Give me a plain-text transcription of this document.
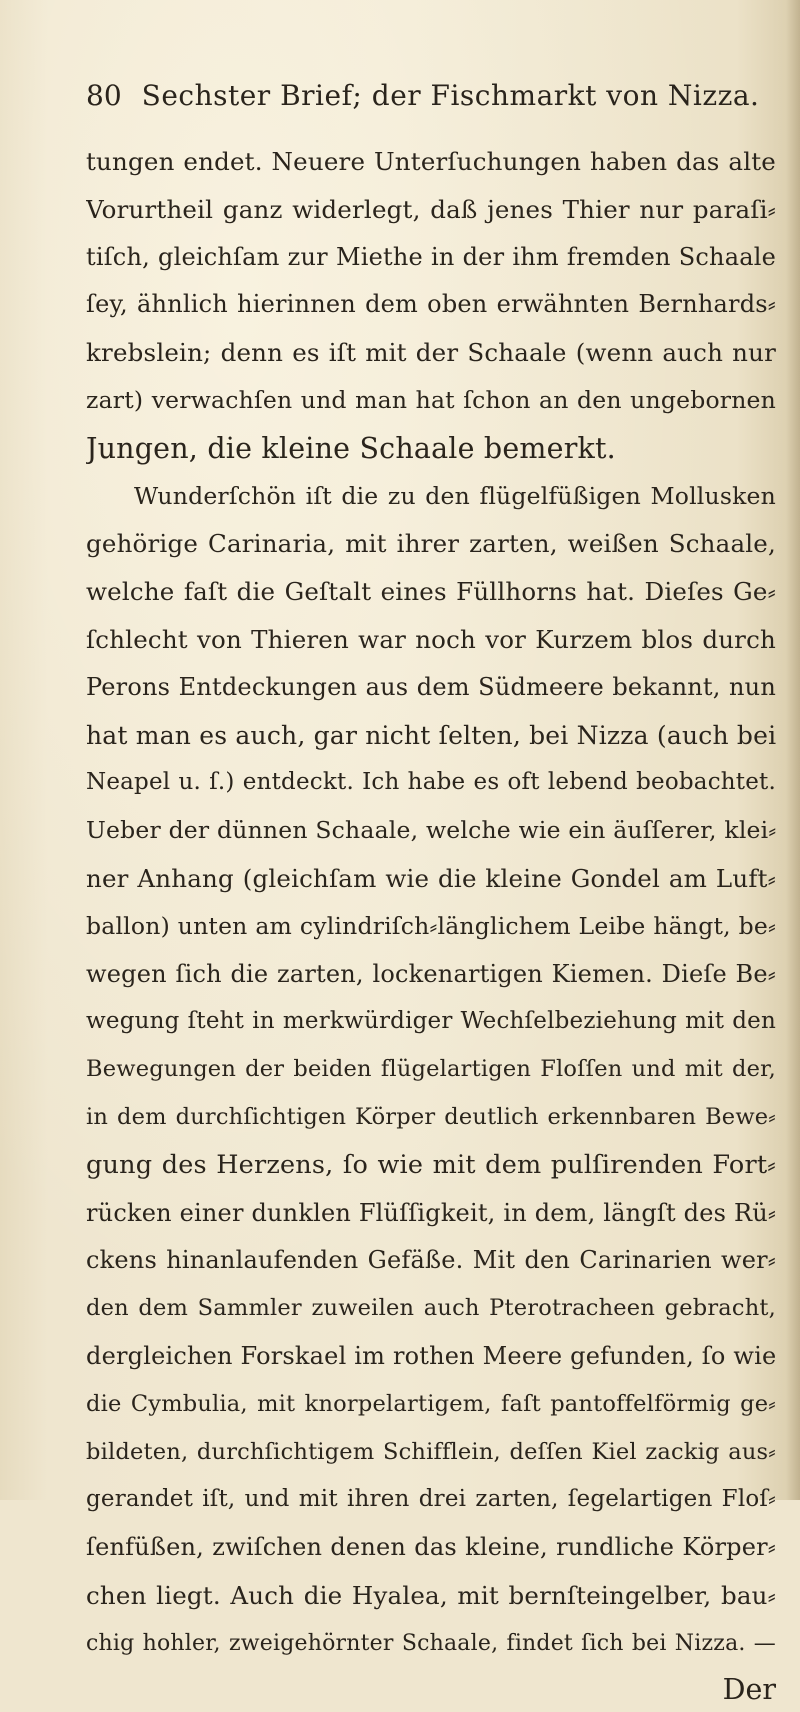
80 Sechster Brief; der Fischmarkt von Nizza.
tungen endet. Neuere Unterſuchungen haben das alte
Vorurtheil ganz widerlegt, daß jenes Thier nur paraſi⸗
tiſch, gleichſam zur Miethe in der ihm fremden Schaale
ſey, ähnlich hierinnen dem oben erwähnten Bernhards⸗
krebslein; denn es iſt mit der Schaale (wenn auch nur
zart) verwachſen und man hat ſchon an den ungebornen
Jungen, die kleine Schaale bemerkt.
Wunderſchön iſt die zu den flügelfüßigen Mollusken
gehörige Carinaria, mit ihrer zarten, weißen Schaale,
welche faſt die Geſtalt eines Füllhorns hat. Dieſes Ge⸗
ſchlecht von Thieren war noch vor Kurzem blos durch
Perons Entdeckungen aus dem Südmeere bekannt, nun
hat man es auch, gar nicht ſelten, bei Nizza (auch bei
Neapel u. ſ.) entdeckt. Ich habe es oft lebend beobachtet.
Ueber der dünnen Schaale, welche wie ein äuſſerer, klei⸗
ner Anhang (gleichſam wie die kleine Gondel am Luft⸗
ballon) unten am cylindriſch⸗länglichem Leibe hängt, be⸗
wegen ſich die zarten, lockenartigen Kiemen. Dieſe Be⸗
wegung ſteht in merkwürdiger Wechſelbeziehung mit den
Bewegungen der beiden flügelartigen Floſſen und mit der,
in dem durchſichtigen Körper deutlich erkennbaren Bewe⸗
gung des Herzens, ſo wie mit dem pulſirenden Fort⸗
rücken einer dunklen Flüſſigkeit, in dem, längſt des Rü⸗
ckens hinanlaufenden Gefäße. Mit den Carinarien wer⸗
den dem Sammler zuweilen auch Pterotracheen gebracht,
dergleichen Forskael im rothen Meere gefunden, ſo wie
die Cymbulia, mit knorpelartigem, faſt pantoffelförmig ge⸗
bildeten, durchſichtigem Schifflein, deſſen Kiel zackig aus⸗
gerandet iſt, und mit ihren drei zarten, ſegelartigen Floſ⸗
ſenfüßen, zwiſchen denen das kleine, rundliche Körper⸗
chen liegt. Auch die Hyalea, mit bernſteingelber, bau⸗
chig hohler, zweigehörnter Schaale, findet ſich bei Nizza. —
Der
